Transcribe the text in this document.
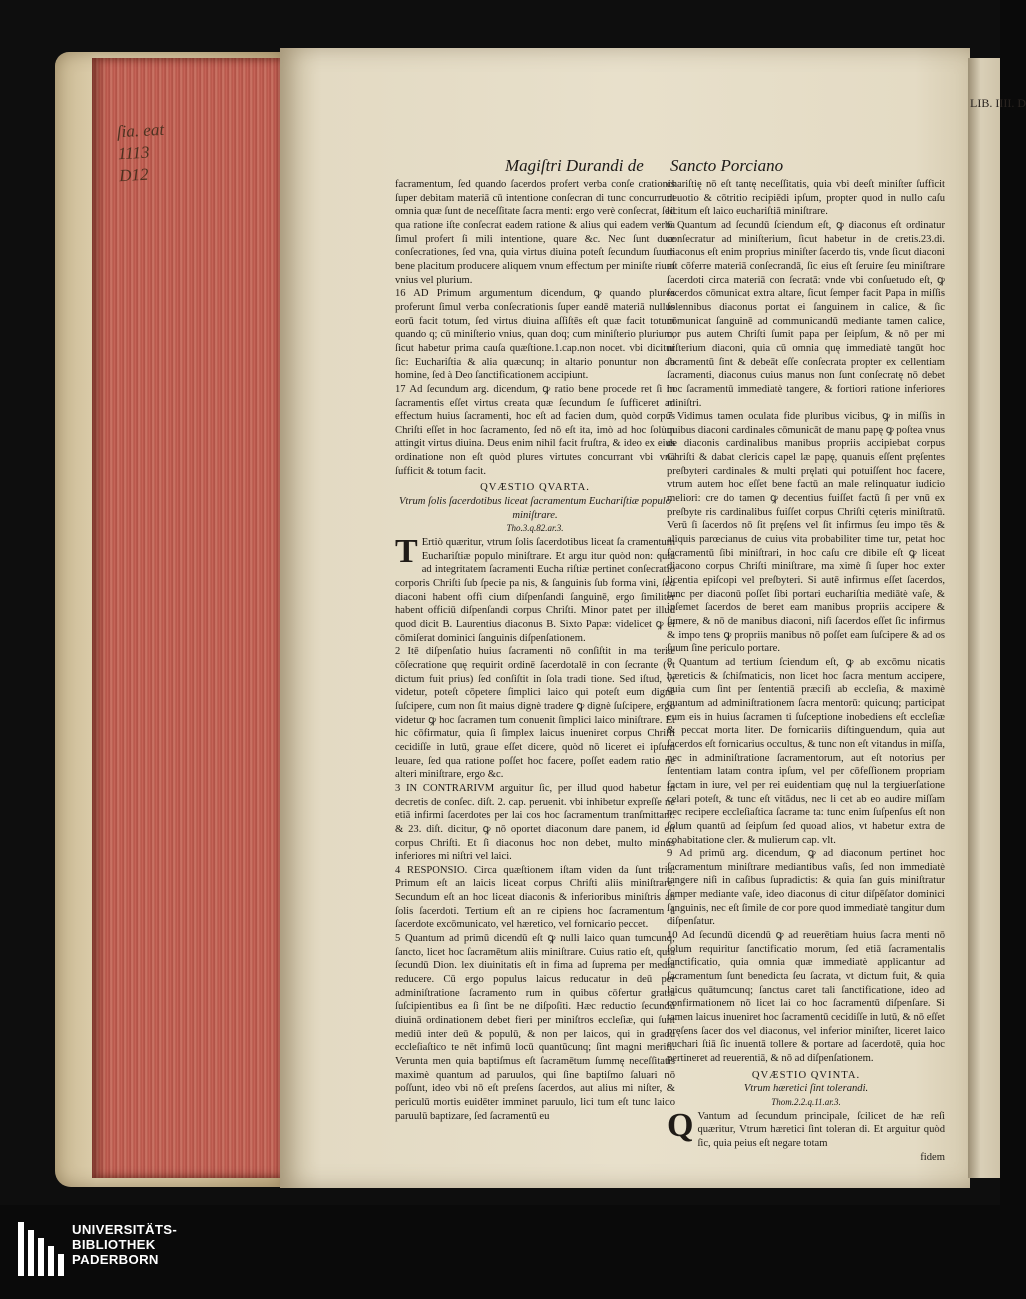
ſia. eat
1113
D12	Magiſtri Durandi de Sancto Porciano

facramentum, ſed quando ſacerdos profert verba conſe crationis ſuper debitam materiā cū intentione conſecran di tunc concurrunt omnia quæ ſunt de neceſſitate ſacra menti: ergo verè conſecrat, ſed qua ratione iſte conſecrat eadem ratione & alius qui eadem verba ſimul profert ſi mili intentione, quare &c. Nec ſunt duæ conſecrationes, ſed vna, quia virtus diuina poteſt ſecundum ſuum bene placitum producere aliquem vnum effectum per miniſte rium vnius vel plurium.

16 AD Primum argumentum dicendum, ꝙ quando plures proferunt ſimul verba conſecrationis ſuper eandē materiā nullus eorū facit totum, ſed virtus diuina aſſiſtēs eſt quæ facit totum quando q; cū miniſterio vnius, quan doq; cum miniſterio plurium, ſicut habetur prima cauſa quæſtione.1.cap.non nocet. vbi dicitur ſic: Euchariſtia & alia quæcunq; in altario ponuntur non ab homine, ſed à Deo ſanctificationem accipiunt.

17 Ad ſecundum arg. dicendum, ꝙ ratio bene procede ret ſi in ſacramentis eſſet virtus creata quæ ſecundum ſe ſufficeret ad effectum huius ſacramenti, hoc eſt ad facien dum, quòd corpus Chriſti eſſet in hoc ſacramento, ſed nō eſt ita, imò ad hoc ſolùm attingit virtus diuina. Deus enim nihil facit fruſtra, & ideo ex eius ordinatione non eſt quòd plures virtutes concurrant vbi vna ſufficit & totum facit.

QVÆSTIO QVARTA.

Vtrum ſolis ſacerdotibus liceat ſacramentum Euchariſtiæ populo miniſtrare.

Tho.3.q.82.ar.3.

T Ertiò quæritur, vtrum ſolis ſacerdotibus liceat ſa cramentum Euchariſtiæ populo miniſtrare. Et argu itur quòd non: quia ad integritatem ſacramenti Eucha riſtiæ pertinet conſecratio corporis Chriſti ſub ſpecie pa nis, & ſanguinis ſub forma vini, ſed diaconi habent offi cium diſpenſandi ſanguinē, ergo ſimiliter habent officiū diſpenſandi corpus Chriſti. Minor patet per illud quod dicit B. Laurentius diaconus B. Sixto Papæ: videlicet ꝙ ei cōmiſerat dominici ſanguinis diſpenſationem.

2 Itē diſpenſatio huius ſacramenti nō conſiſtit in ma teriæ cōſecratione quę requirit ordinē ſacerdotalē in con ſecrante (vt dictum fuit prius) ſed conſiſtit in ſola tradi tione. Sed iſtud, vt videtur, poteſt cōpetere ſimplici laico qui poteſt eum dignè ſuſcipere, cum non ſit maius dignè tradere ꝙ dignè ſuſcipere, ergo videtur ꝙ hoc ſacramen tum conuenit ſimplici laico miniſtrare. Et hic cōfirmatur, quia ſi ſimplex laicus inueniret corpus Chriſti cecidiſſe in lutū, graue eſſet dicere, quòd nō liceret ei ipſum leuare, ſed qua ratione poſſet hoc facere, poſſet eadem ratio ne alteri miniſtrare, ergo &c.

3 IN CONTRARIVM arguitur ſic, per illud quod habetur in decretis de conſec. diſt. 2. cap. peruenit. vbi inhibetur expreſſe ne etiā infirmi ſacerdotes per lai cos hoc ſacramentum tranſmittant. & 23. diſt. dicitur, ꝙ nō oportet diaconum dare panem, id eſt corpus Chriſti. Et ſi diaconus hoc non debet, multo minus inferiores mi niſtri vel laici.

4 RESPONSIO. Circa quæſtionem iſtam viden da ſunt tria. Primum eſt an laicis liceat corpus Chriſti aliis miniſtrare. Secundum eſt an hoc liceat diaconis & inferioribus miniſtris an ſolis ſacerdoti. Tertium eſt an re cipiens hoc ſacramentum à ſacerdote excōmunicato, vel hæretico, vel fornicario peccet.

5 Quantum ad primū dicendū eſt ꝙ nulli laico quan tumcunq; ſancto, licet hoc ſacramētum aliis miniſtrare. Cuius ratio eſt, quia ſecundū Dion. lex diuinitatis eſt in fima ad ſuprema per media reducere. Cū ergo populus laicus reducatur in deū per adminiſtratione ſacramento rum in quibus cōfertur gratia ſuſcipientibus ea ſi ſint be ne diſpoſiti. Hæc reductio ſecundū diuinā ordinationem debet fieri per miniſtros eccleſiæ, qui ſunt mediū inter deū & populū, & non per laicos, qui in gradu eccleſiaſtico te nēt infimū locū quantūcunq; ſint magni meriti. Verunta men quia baptiſmus eſt ſacramētum ſummę neceſſitatis maximè quantum ad paruulos, qui ſine baptiſmo ſaluari nō poſſunt, ideo vbi nō eſt preſens ſacerdos, aut alius mi niſter, & periculū mortis euidēter imminet paruulo, lici tum eſt tunc laico paruulū baptizare, ſed ſacramentū eu

chariſtię nō eſt tantę neceſſitatis, quia vbi deeſt miniſter ſufficit deuotio & cōtritio recipiēdi ipſum, propter quod in nullo caſu licitum eſt laico euchariſtiā miniſtrare.

6 Quantum ad ſecundū ſciendum eſt, ꝙ diaconus eſt ordinatur conſecratur ad miniſterium, ſicut habetur in de cretis.23.di. diaconus eſt enim proprius miniſter ſacerdo tis, vnde ſicut diaconi eſt cōferre materiā conſecrandā, ſic eius eſt ſeruire ſeu miniſtrare ſacerdoti circa materiā con ſecratā: vnde vbi conſuetudo eſt, ꝙ ſacerdos cōmunicat extra altare, ſicut ſemper facit Papa in miſſis ſolennibus diaconus portat ei ſanguinem in calice, & ſic cōmunicat ſanguinē ad communicandū mediante tamen calice, cor pus autem Chriſti ſumit papa per ſeipſum, & nō per mi niſterium diaconi, quia cū omnia quę immediatè tangūt hoc ſacramentū ſint & debeāt eſſe conſecrata propter ex cellentiam ſacramenti, diaconus cuius manus non ſunt conſecratę nō debet hoc ſacramentū immediatè tangere, & fortiori ratione inferiores miniſtri.

7 Vidimus tamen oculata fide pluribus vicibus, ꝙ in miſſis in quibus diaconi cardinales cōmunicāt de manu papę ꝙ poſtea vnus de diaconis cardinalibus manibus propriis accipiebat corpus Chriſti & dabat clericis capel læ papę, quanuis eſſent pręſentes preſbyteri cardinales & multi pręlati qui potuiſſent hoc facere, vtrum autem hoc eſſet bene factū an male relinquatur iudicio meliori: cre do tamen ꝙ decentius fuiſſet factū ſi per vnū ex preſbyte ris cardinalibus fuiſſet corpus Chriſti cęteris miniſtratū. Verū ſi ſacerdos nō ſit pręſens vel ſit infirmus ſeu impo tēs & aliquis parœcianus de cuius vita probabiliter time tur, petat hoc ſacramentū ſibi miniſtrari, in hoc caſu cre dibile eſt ꝙ liceat diacono corpus Chriſti miniſtrare, ma ximè ſi ſuper hoc exter licentia epiſcopi vel preſbyteri. Si autē infirmus eſſet ſacerdos, tunc per diaconū poſſet ſibi portari euchariſtia mediātè vaſe, & ipſemet ſacerdos de beret eam manibus propriis accipere & ſumere, & nō de manibus diaconi, niſi ſacerdos eſſet ſic infirmus & impo tens ꝙ propriis manibus nō poſſet eam ſuſcipere & ad os ſuum ſine periculo portare.

8 Quantum ad tertium ſciendum eſt, ꝙ ab excōmu nicatis hæreticis & ſchiſmaticis, non licet hoc ſacra mentum accipere, quia cum ſint per ſententiā præciſi ab eccleſia, & maximè quantum ad adminiſtrationem ſacra mentorū: quicunq; participat cum eis in huius ſacramen ti ſuſceptione inobediens eſt eccleſiæ & peccat morta liter. De fornicariis diſtinguendum, quia aut ſacerdos eſt fornicarius occultus, & tunc non eſt vitandus in miſſa, nec in adminiſtratione ſacramentorum, aut eſt notorius per ſententiam latam contra ipſum, vel per cōfeſſionem propriam factam in iure, vel per rei euidentiam quę nul la tergiuerſatione celari poteſt, & tunc eſt vitādus, nec li cet ab eo audire miſſam nec recipere eccleſiaſtica ſacrame ta: tunc enim ſuſpenſus eſt non ſolum quantū ad ſeipſum ſed quoad alios, vt habetur extra de cohabitatione cler. & mulierum cap. vlt.

9 Ad primū arg. dicendum, ꝙ ad diaconum pertinet hoc ſacramentum miniſtrare mediantibus vaſis, ſed non immediatè tangere niſi in caſibus ſupradictis: & quia ſan guis miniſtratur ſemper mediante vaſe, ideo diaconus di citur diſpēſator dominici ſanguinis, nec eſt ſimile de cor pore quod immediatè tangitur dum diſpenſatur.

10 Ad ſecundū dicendū ꝙ ad reuerētiam huius ſacra menti nō ſolum requiritur ſanctificatio morum, ſed etiā ſacramentalis ſanctificatio, quia omnia quæ immediatè applicantur ad ſacramentum ſunt benedicta ſeu ſacrata, vt dictum fuit, & quia laicus quātumcunq; ſanctus caret tali ſanctificatione, ideo ad confirmationem nō licet lai co hoc ſacramentū diſpenſare. Si tamen laicus inueniret hoc ſacramentū cecidiſſe in lutū, & nō eſſet pręſens ſacer dos vel diaconus, vel inferior miniſter, liceret laico euchari ſtiā ſic inuentā tollere & portare ad ſacerdotē, quia hoc pertineret ad reuerentiā, & nō ad diſpenſationem.

QVÆSTIO QVINTA.

Vtrum hæretici ſint tolerandi.

Thom.2.2.q.11.ar.3.

Q Vantum ad ſecundum principale, ſcilicet de hæ reſi quæritur, Vtrum hæretici ſint toleran di. Et arguitur quòd ſic, quia peius eſt negare totam

fidem

LIB. IIII. D
UNIVERSITÄTS-
BIBLIOTHEK
PADERBORN
